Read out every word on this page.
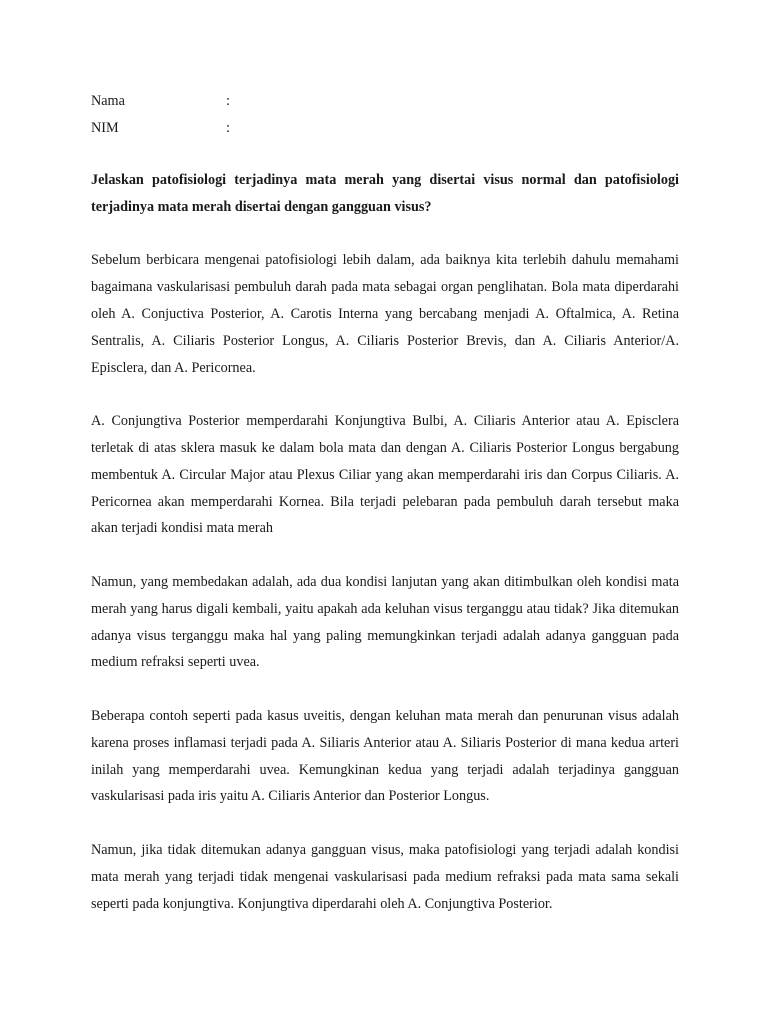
Nama	:
NIM	:

Jelaskan patofisiologi terjadinya mata merah yang disertai visus normal dan patofisiologi terjadinya mata merah disertai dengan gangguan visus?

Sebelum berbicara mengenai patofisiologi lebih dalam, ada baiknya kita terlebih dahulu memahami bagaimana vaskularisasi pembuluh darah pada mata sebagai organ penglihatan. Bola mata diperdarahi oleh A. Conjuctiva Posterior, A. Carotis Interna yang bercabang menjadi A. Oftalmica, A. Retina Sentralis, A. Ciliaris Posterior Longus, A. Ciliaris Posterior Brevis, dan A. Ciliaris Anterior/A. Episclera, dan A. Pericornea.

A. Conjungtiva Posterior memperdarahi Konjungtiva Bulbi, A. Ciliaris Anterior atau A. Episclera terletak di atas sklera masuk ke dalam bola mata dan dengan A. Ciliaris Posterior Longus bergabung membentuk A. Circular Major atau Plexus Ciliar yang akan memperdarahi iris dan Corpus Ciliaris. A. Pericornea akan memperdarahi Kornea. Bila terjadi pelebaran pada pembuluh darah tersebut maka akan terjadi kondisi mata merah

Namun, yang membedakan adalah, ada dua kondisi lanjutan yang akan ditimbulkan oleh kondisi mata merah yang harus digali kembali, yaitu apakah ada keluhan visus terganggu atau tidak? Jika ditemukan adanya visus terganggu maka hal yang paling memungkinkan terjadi adalah adanya gangguan pada medium refraksi seperti uvea.

Beberapa contoh seperti pada kasus uveitis, dengan keluhan mata merah dan penurunan visus adalah karena proses inflamasi terjadi pada A. Siliaris Anterior atau A. Siliaris Posterior di mana kedua arteri inilah yang memperdarahi uvea. Kemungkinan kedua yang terjadi adalah terjadinya gangguan vaskularisasi pada iris yaitu A. Ciliaris Anterior dan Posterior Longus.

Namun, jika tidak ditemukan adanya gangguan visus, maka patofisiologi yang terjadi adalah kondisi mata merah yang terjadi tidak mengenai vaskularisasi pada medium refraksi pada mata sama sekali seperti pada konjungtiva. Konjungtiva diperdarahi oleh A. Conjungtiva Posterior.
